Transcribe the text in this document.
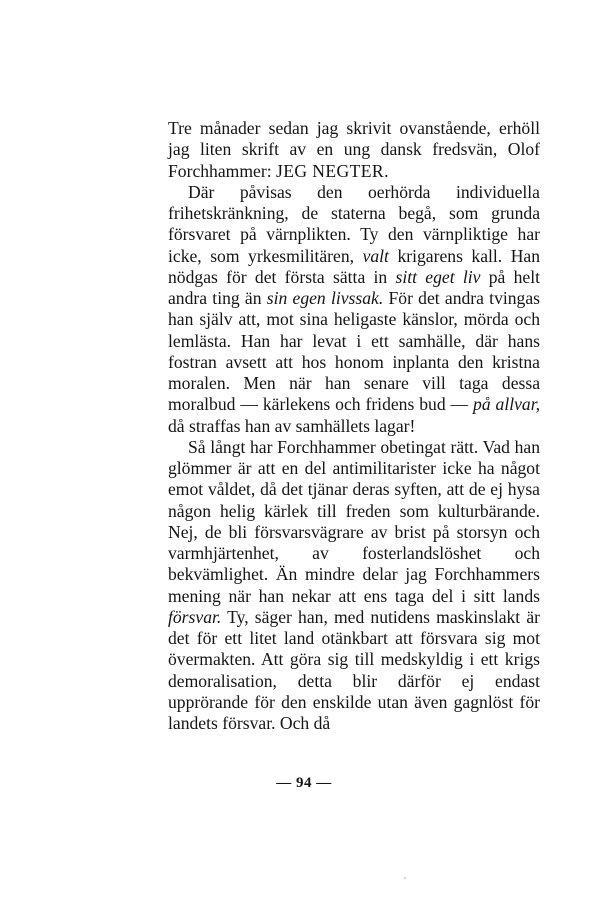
Tre månader sedan jag skrivit ovanstående, erhöll jag liten skrift av en ung dansk fredsvän, Olof Forchhammer: JEG NEGTER.

Där påvisas den oerhörda individuella frihetskränkning, de staterna begå, som grunda försvaret på värnplikten. Ty den värnpliktige har icke, som yrkesmilitären, valt krigarens kall. Han nödgas för det första sätta in sitt eget liv på helt andra ting än sin egen livssak. För det andra tvingas han själv att, mot sina heligaste känslor, mörda och lemlästa. Han har levat i ett samhälle, där hans fostran avsett att hos honom inplanta den kristna moralen. Men när han senare vill taga dessa moralbud — kärlekens och fridens bud — på allvar, då straffas han av samhällets lagar!

Så långt har Forchhammer obetingat rätt. Vad han glömmer är att en del antimilitarister icke ha något emot våldet, då det tjänar deras syften, att de ej hysa någon helig kärlek till freden som kulturbärande. Nej, de bli försvarsvägrare av brist på storsyn och varmhjärtenhet, av fosterlandslöshet och bekvämlighet. Än mindre delar jag Forchhammers mening när han nekar att ens taga del i sitt lands försvar. Ty, säger han, med nutidens maskinslakt är det för ett litet land otänkbart att försvara sig mot övermakten. Att göra sig till medskyldig i ett krigs demoralisation, detta blir därför ej endast upprörande för den enskilde utan även gagnlöst för landets försvar. Och då

— 94 —
